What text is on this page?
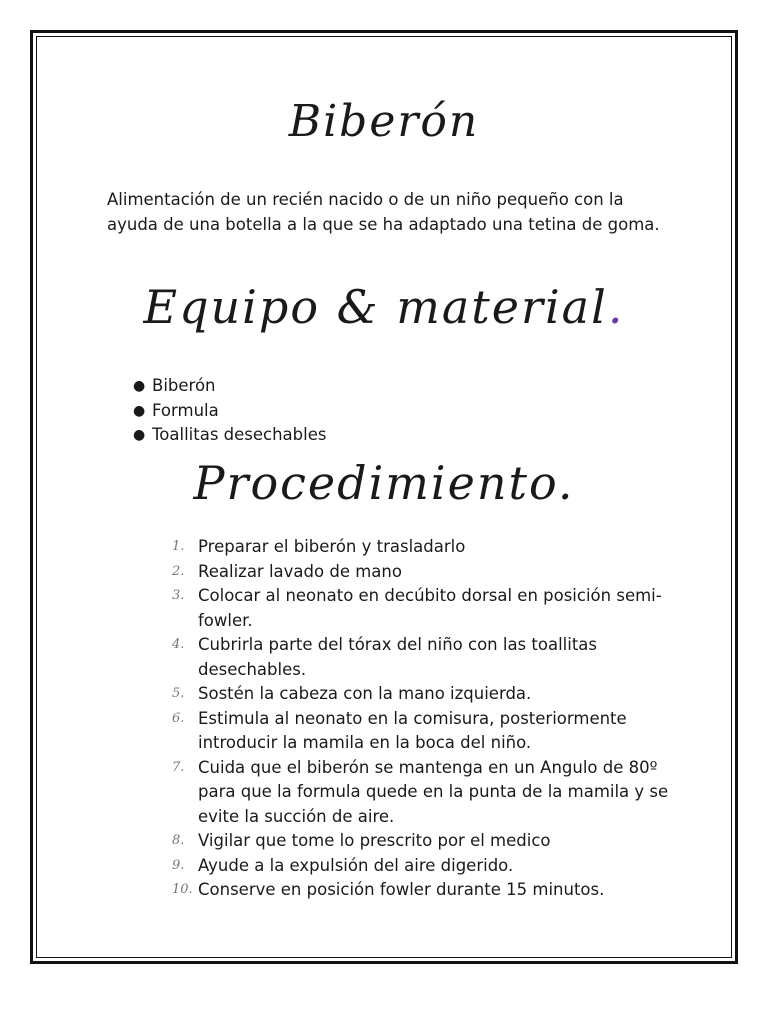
Biberón

Alimentación de un recién nacido o de un niño pequeño con la ayuda de una botella a la que se ha adaptado una tetina de goma.

Equipo & material.
● Biberón
● Formula
● Toallitas desechables
Procedimiento.
1. Preparar el biberón y trasladarlo
2. Realizar lavado de mano
3. Colocar al neonato en decúbito dorsal en posición semi-fowler.
4. Cubrirla parte del tórax del niño con las toallitas desechables.
5. Sostén la cabeza con la mano izquierda.
6. Estimula al neonato en la comisura, posteriormente introducir la mamila en la boca del niño.
7. Cuida que el biberón se mantenga en un Angulo de 80º para que la formula quede en la punta de la mamila y se evite la succión de aire.
8. Vigilar que tome lo prescrito por el medico
9. Ayude a la expulsión del aire digerido.
10. Conserve en posición fowler durante 15 minutos.
